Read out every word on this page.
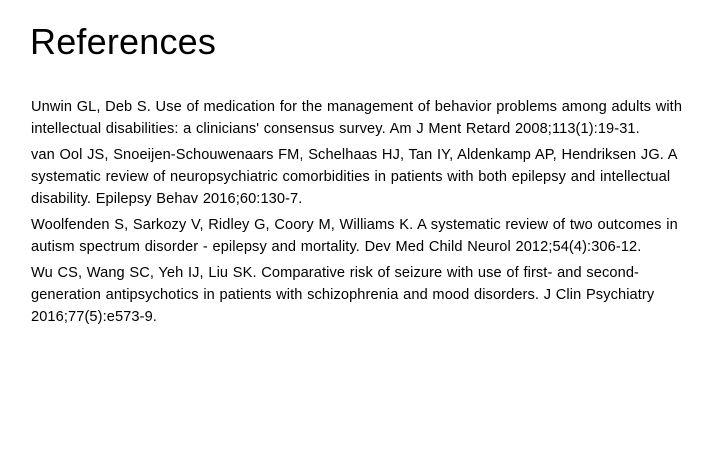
References
Unwin GL, Deb S. Use of medication for the management of behavior problems among adults with intellectual disabilities: a clinicians' consensus survey. Am J Ment Retard 2008;113(1):19-31.
van Ool JS, Snoeijen-Schouwenaars FM, Schelhaas HJ, Tan IY, Aldenkamp AP, Hendriksen JG. A systematic review of neuropsychiatric comorbidities in patients with both epilepsy and intellectual disability. Epilepsy Behav 2016;60:130-7.
Woolfenden S, Sarkozy V, Ridley G, Coory M, Williams K. A systematic review of two outcomes in autism spectrum disorder - epilepsy and mortality. Dev Med Child Neurol 2012;54(4):306-12.
Wu CS, Wang SC, Yeh IJ, Liu SK. Comparative risk of seizure with use of first- and second-generation antipsychotics in patients with schizophrenia and mood disorders. J Clin Psychiatry 2016;77(5):e573-9.
